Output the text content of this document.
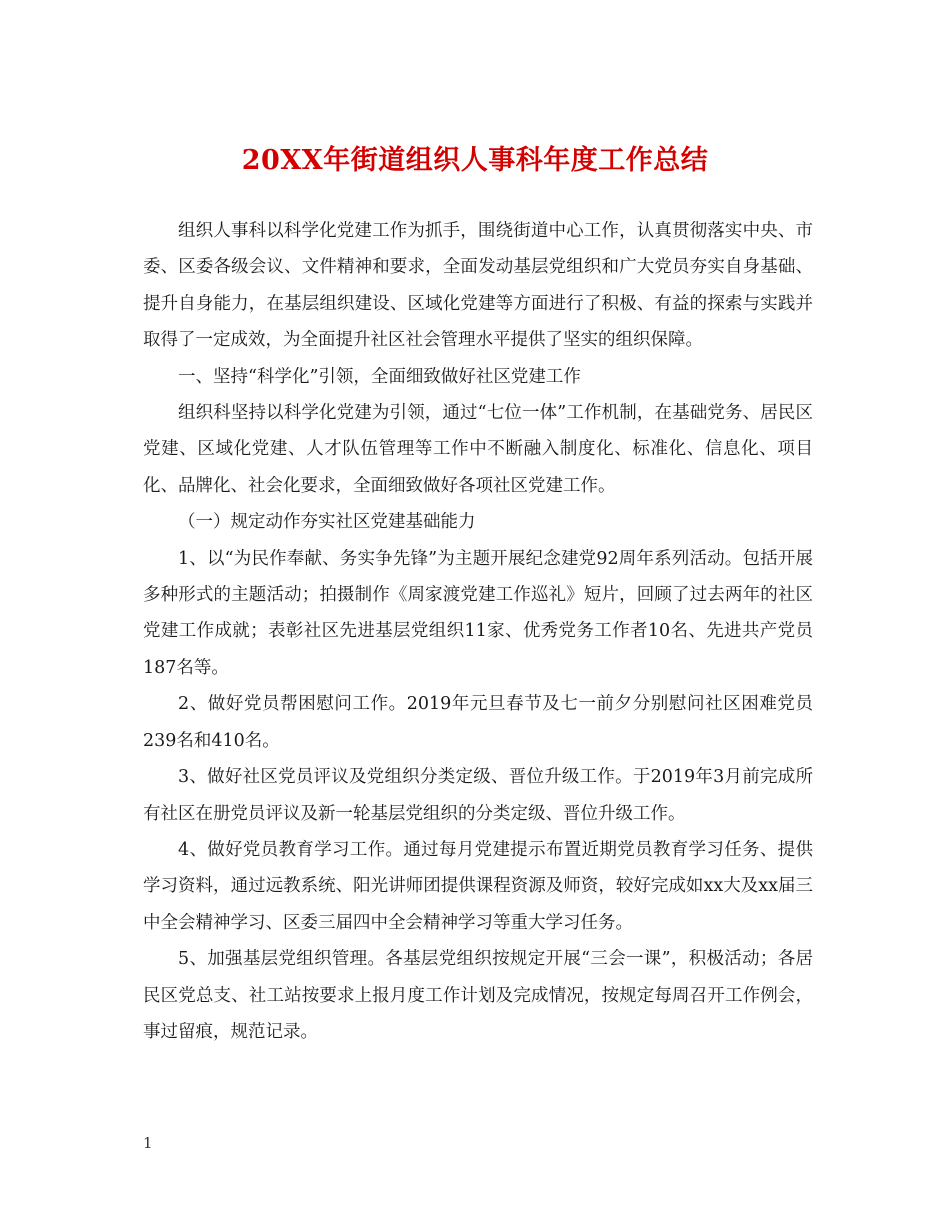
20XX年街道组织人事科年度工作总结

组织人事科以科学化党建工作为抓手，围绕街道中心工作，认真贯彻落实中央、市委、区委各级会议、文件精神和要求，全面发动基层党组织和广大党员夯实自身基础、提升自身能力，在基层组织建设、区域化党建等方面进行了积极、有益的探索与实践并取得了一定成效，为全面提升社区社会管理水平提供了坚实的组织保障。

一、坚持“科学化”引领，全面细致做好社区党建工作

组织科坚持以科学化党建为引领，通过“七位一体”工作机制，在基础党务、居民区党建、区域化党建、人才队伍管理等工作中不断融入制度化、标准化、信息化、项目化、品牌化、社会化要求，全面细致做好各项社区党建工作。

（一）规定动作夯实社区党建基础能力

1、以“为民作奉献、务实争先锋”为主题开展纪念建党92周年系列活动。包括开展多种形式的主题活动；拍摄制作《周家渡党建工作巡礼》短片，回顾了过去两年的社区党建工作成就；表彰社区先进基层党组织11家、优秀党务工作者10名、先进共产党员187名等。

2、做好党员帮困慰问工作。2019年元旦春节及七一前夕分别慰问社区困难党员239名和410名。

3、做好社区党员评议及党组织分类定级、晋位升级工作。于2019年3月前完成所有社区在册党员评议及新一轮基层党组织的分类定级、晋位升级工作。

4、做好党员教育学习工作。通过每月党建提示布置近期党员教育学习任务、提供学习资料，通过远教系统、阳光讲师团提供课程资源及师资，较好完成如xx大及xx届三中全会精神学习、区委三届四中全会精神学习等重大学习任务。

5、加强基层党组织管理。各基层党组织按规定开展“三会一课”，积极活动；各居民区党总支、社工站按要求上报月度工作计划及完成情况，按规定每周召开工作例会，事过留痕，规范记录。

1
